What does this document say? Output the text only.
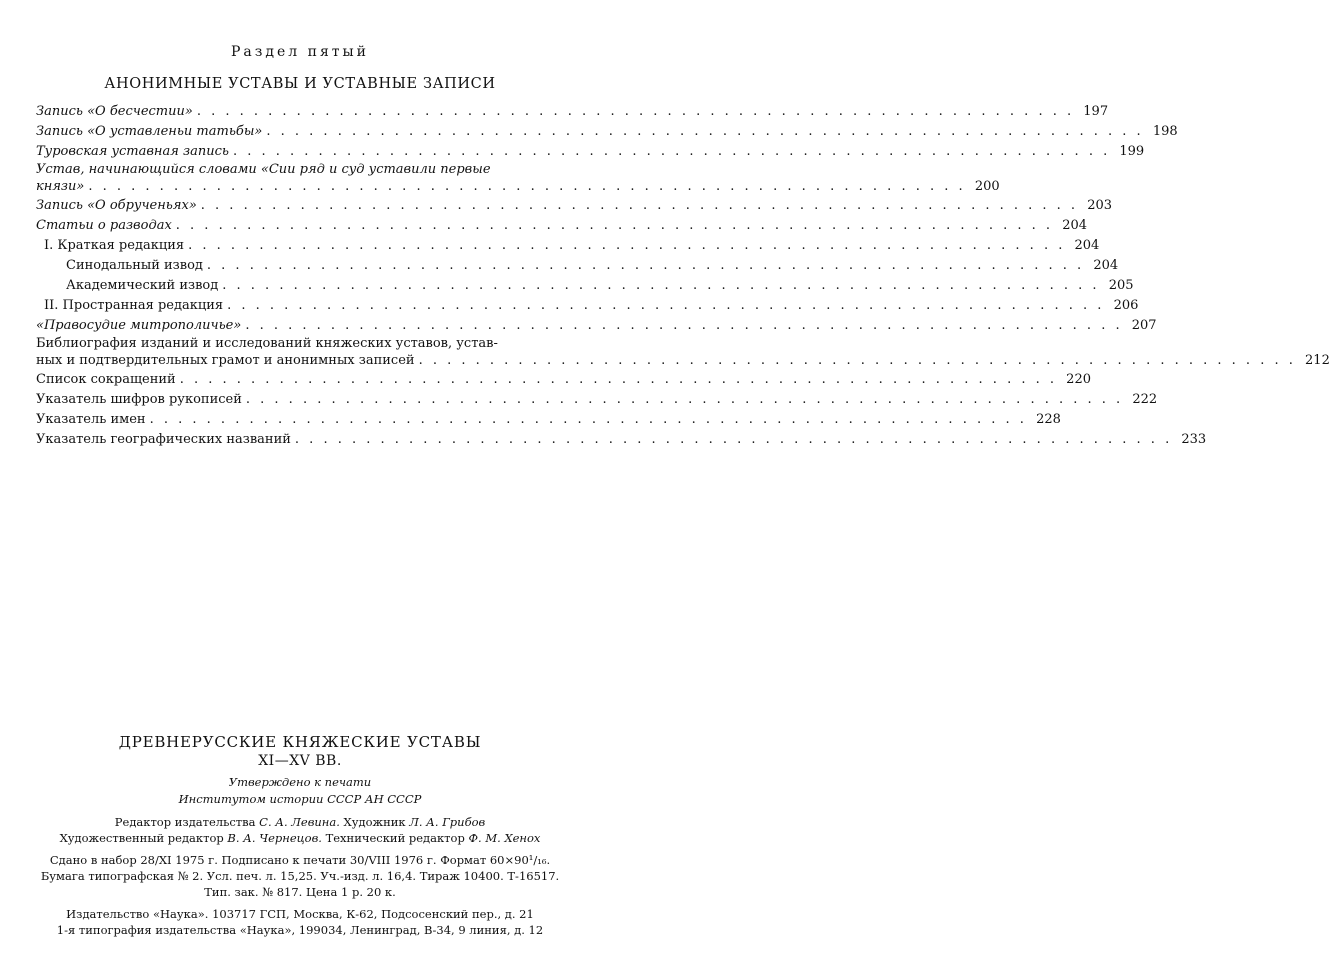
Раздел пятый
АНОНИМНЫЕ УСТАВЫ И УСТАВНЫЕ ЗАПИСИ
Запись «О бесчестии» . . . . . . . . . . . . . . . . . . . . . . . . . . . . . . . . . . . . . . . . . . . . . . . . . . . . . . . . . . . . . . 197
Запись «О уставленьи татьбы» . . . . . . . . . . . . . . . . . . . . . . . . . . . . . . . . . . . . . . . . . . . . . . . . . . . . . . . . . . . . . . 198
Туровская уставная запись . . . . . . . . . . . . . . . . . . . . . . . . . . . . . . . . . . . . . . . . . . . . . . . . . . . . . . . . . . . . . . 199
Устав, начинающийся словами «Сии ряд и суд уставили первые
князи» . . . . . . . . . . . . . . . . . . . . . . . . . . . . . . . . . . . . . . . . . . . . . . . . . . . . . . . . . . . . . . 200
Запись «О обрученьях» . . . . . . . . . . . . . . . . . . . . . . . . . . . . . . . . . . . . . . . . . . . . . . . . . . . . . . . . . . . . . . 203
Статьи о разводах . . . . . . . . . . . . . . . . . . . . . . . . . . . . . . . . . . . . . . . . . . . . . . . . . . . . . . . . . . . . . . 204
I. Краткая редакция . . . . . . . . . . . . . . . . . . . . . . . . . . . . . . . . . . . . . . . . . . . . . . . . . . . . . . . . . . . . . . 204
Синодальный извод . . . . . . . . . . . . . . . . . . . . . . . . . . . . . . . . . . . . . . . . . . . . . . . . . . . . . . . . . . . . . . 204
Академический извод . . . . . . . . . . . . . . . . . . . . . . . . . . . . . . . . . . . . . . . . . . . . . . . . . . . . . . . . . . . . . . 205
II. Пространная редакция . . . . . . . . . . . . . . . . . . . . . . . . . . . . . . . . . . . . . . . . . . . . . . . . . . . . . . . . . . . . . . 206
«Правосудие митрополичье» . . . . . . . . . . . . . . . . . . . . . . . . . . . . . . . . . . . . . . . . . . . . . . . . . . . . . . . . . . . . . . 207
Библиография изданий и исследований княжеских уставов, устав-
ных и подтвердительных грамот и анонимных записей . . . . . . . . . . . . . . . . . . . . . . . . . . . . . . . . . . . . . . . . . . . . . . . . . . . . . . . . . . . . . . 212
Список сокращений . . . . . . . . . . . . . . . . . . . . . . . . . . . . . . . . . . . . . . . . . . . . . . . . . . . . . . . . . . . . . . 220
Указатель шифров рукописей . . . . . . . . . . . . . . . . . . . . . . . . . . . . . . . . . . . . . . . . . . . . . . . . . . . . . . . . . . . . . . 222
Указатель имен . . . . . . . . . . . . . . . . . . . . . . . . . . . . . . . . . . . . . . . . . . . . . . . . . . . . . . . . . . . . . . 228
Указатель географических названий . . . . . . . . . . . . . . . . . . . . . . . . . . . . . . . . . . . . . . . . . . . . . . . . . . . . . . . . . . . . . . 233
ДРЕВНЕРУССКИЕ КНЯЖЕСКИЕ УСТАВЫ
XI—XV ВВ.
Утверждено к печати
Институтом истории СССР АН СССР
Редактор издательства С. А. Левина. Художник Л. А. Грибов
Художественный редактор В. А. Чернецов. Технический редактор Ф. М. Хенох
Сдано в набор 28/XI 1975 г. Подписано к печати 30/VIII 1976 г. Формат 60×90¹/₁₆.
Бумага типографская № 2. Усл. печ. л. 15,25. Уч.-изд. л. 16,4. Тираж 10400. Т-16517.
Тип. зак. № 817. Цена 1 р. 20 к.
Издательство «Наука». 103717 ГСП, Москва, К-62, Подсосенский пер., д. 21
1-я типография издательства «Наука», 199034, Ленинград, В-34, 9 линия, д. 12
